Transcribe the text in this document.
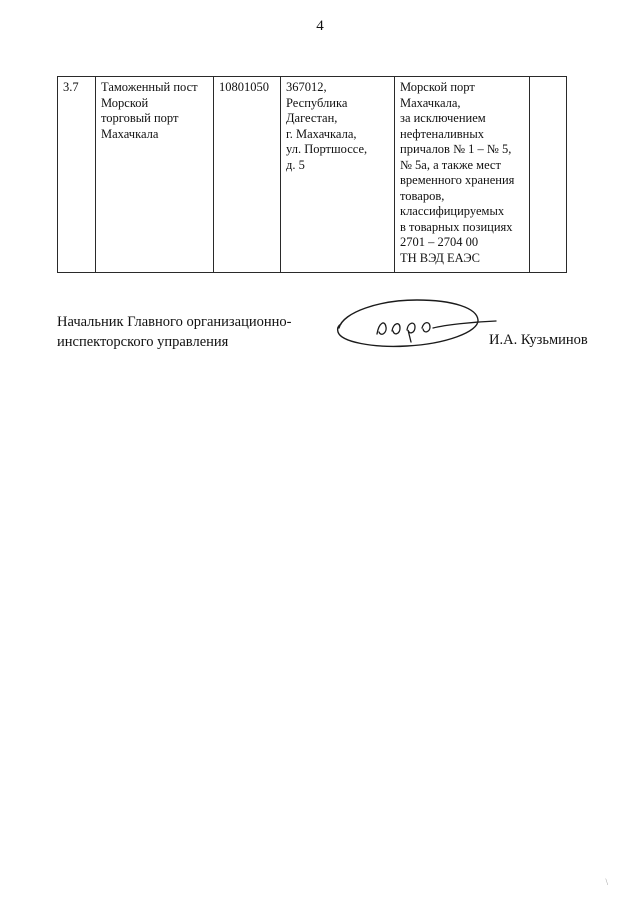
4
3.7	Таможенный пост
Морской
торговый порт
Махачкала	10801050	367012,
Республика
Дагестан,
г. Махачкала,
ул. Портшоссе,
д. 5	Морской порт
Махачкала,
за исключением
нефтеналивных
причалов № 1 – № 5,
№ 5а, а также мест
временного хранения
товаров,
классифицируемых
в товарных позициях
2701 – 2704 00
ТН ВЭД ЕАЭС	
Начальник Главного организационно-
инспекторского управления	И.А. Кузьминов
\
